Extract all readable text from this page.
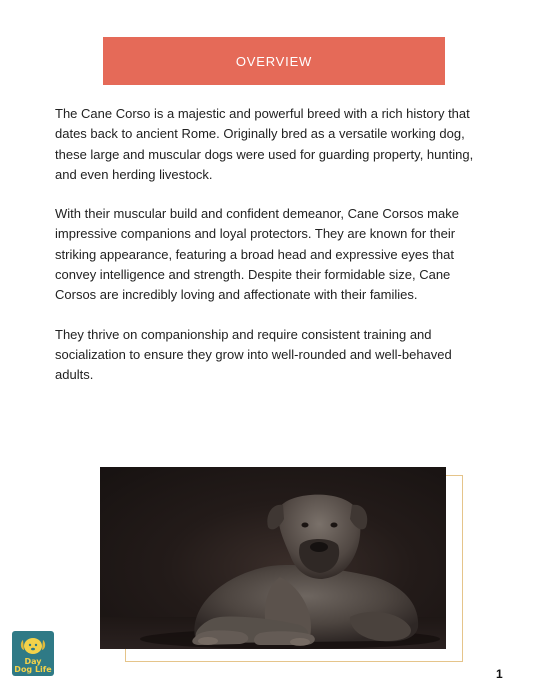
OVERVIEW

The Cane Corso is a majestic and powerful breed with a rich history that dates back to ancient Rome. Originally bred as a versatile working dog, these large and muscular dogs were used for guarding property, hunting, and even herding livestock.

With their muscular build and confident demeanor, Cane Corsos make impressive companions and loyal protectors. They are known for their striking appearance, featuring a broad head and expressive eyes that convey intelligence and strength. Despite their formidable size, Cane Corsos are incredibly loving and affectionate with their families.

They thrive on companionship and require consistent training and socialization to ensure they grow into well-rounded and well-behaved adults.

Day
Dog Life	1
